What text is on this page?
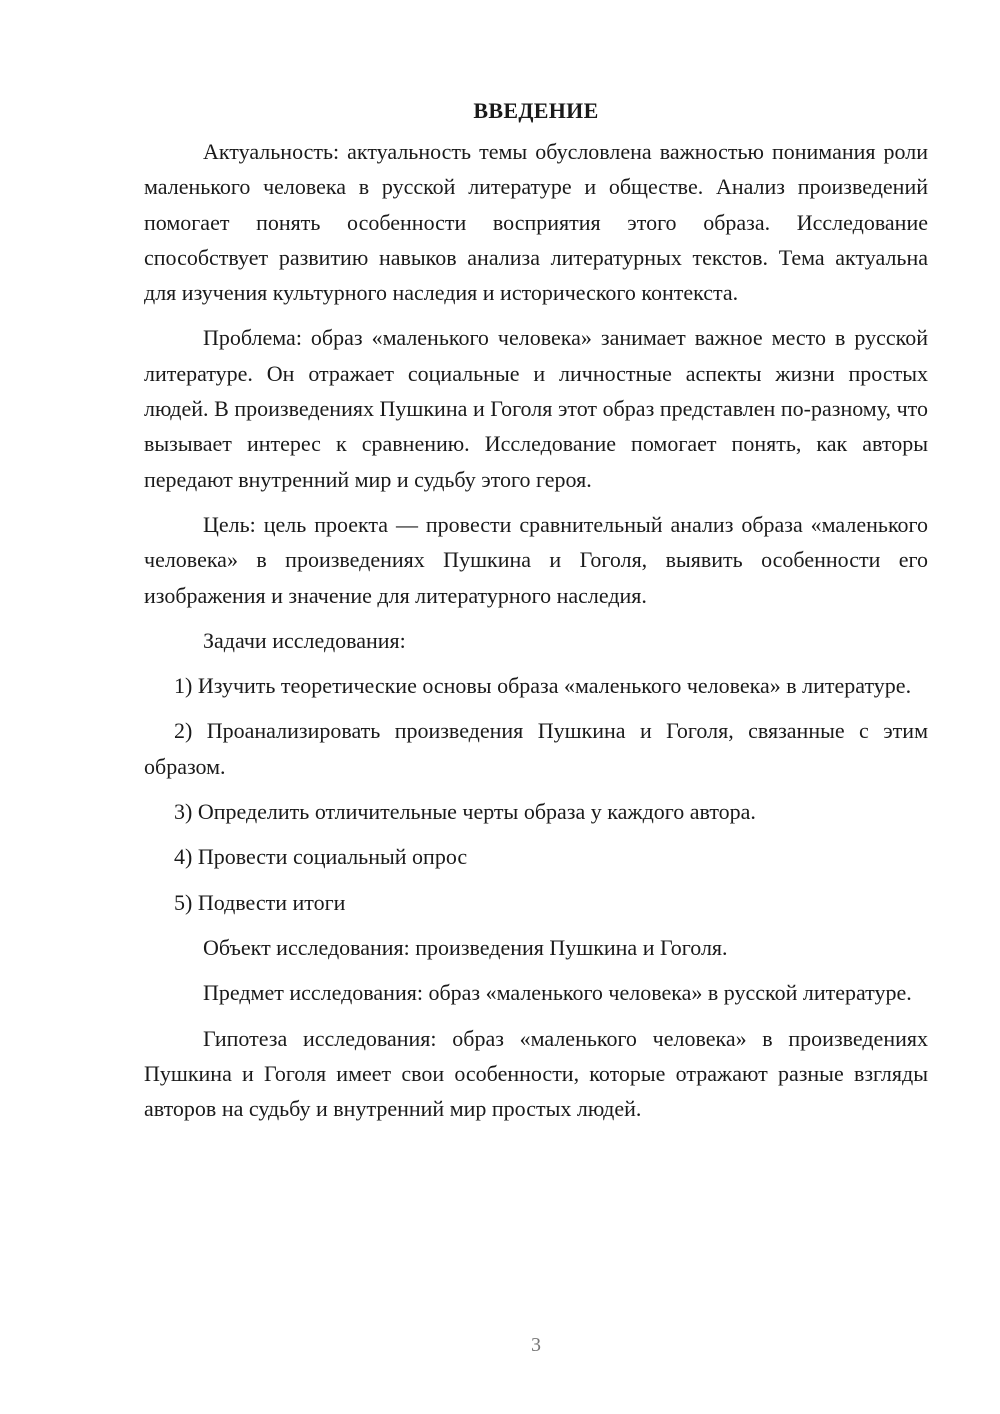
ВВЕДЕНИЕ

Актуальность: актуальность темы обусловлена важностью понимания роли маленького человека в русской литературе и обществе. Анализ произведений помогает понять особенности восприятия этого образа. Исследование способствует развитию навыков анализа литературных текстов. Тема актуальна для изучения культурного наследия и исторического контекста.

Проблема: образ «маленького человека» занимает важное место в русской литературе. Он отражает социальные и личностные аспекты жизни простых людей. В произведениях Пушкина и Гоголя этот образ представлен по-разному, что вызывает интерес к сравнению. Исследование помогает понять, как авторы передают внутренний мир и судьбу этого героя.

Цель: цель проекта — провести сравнительный анализ образа «маленького человека» в произведениях Пушкина и Гоголя, выявить особенности его изображения и значение для литературного наследия.

Задачи исследования:

1) Изучить теоретические основы образа «маленького человека» в литературе.

2) Проанализировать произведения Пушкина и Гоголя, связанные с этим образом.

3) Определить отличительные черты образа у каждого автора.

4) Провести социальный опрос

5) Подвести итоги

Объект исследования: произведения Пушкина и Гоголя.

Предмет исследования: образ «маленького человека» в русской литературе.

Гипотеза исследования: образ «маленького человека» в произведениях Пушкина и Гоголя имеет свои особенности, которые отражают разные взгляды авторов на судьбу и внутренний мир простых людей.

3
